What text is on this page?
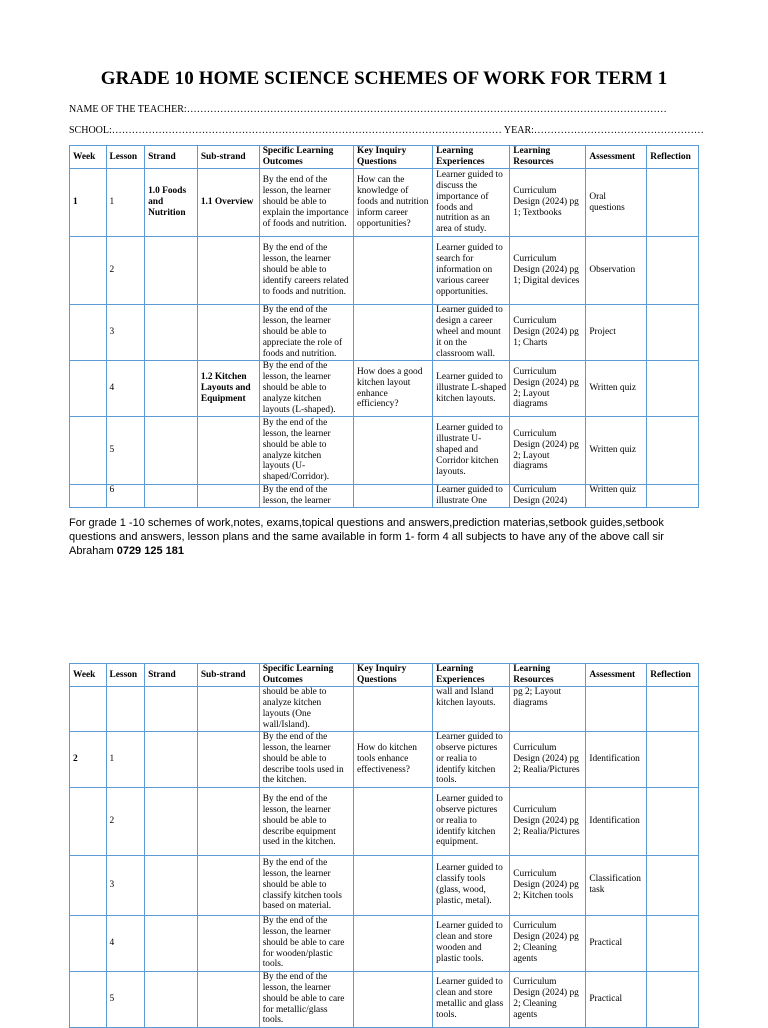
GRADE 10 HOME SCIENCE SCHEMES OF WORK FOR TERM 1
NAME OF THE TEACHER:………………………………………………………………………………………………………………………………
SCHOOL:……………………………………………………………………………………………………… YEAR:……………………………………………
Week	Lesson	Strand	Sub-strand	Specific Learning Outcomes	Key Inquiry Questions	Learning Experiences	Learning Resources	Assessment	Reflection
1	1	1.0 Foods and Nutrition	1.1 Overview	By the end of the lesson, the learner should be able to explain the importance of foods and nutrition.	How can the knowledge of foods and nutrition inform career opportunities?	Learner guided to discuss the importance of foods and nutrition as an area of study.	Curriculum Design (2024) pg 1; Textbooks	Oral questions	
	2			By the end of the lesson, the learner should be able to identify careers related to foods and nutrition.		Learner guided to search for information on various career opportunities.	Curriculum Design (2024) pg 1; Digital devices	Observation	
	3			By the end of the lesson, the learner should be able to appreciate the role of foods and nutrition.		Learner guided to design a career wheel and mount it on the classroom wall.	Curriculum Design (2024) pg 1; Charts	Project	
	4		1.2 Kitchen Layouts and Equipment	By the end of the lesson, the learner should be able to analyze kitchen layouts (L-shaped).	How does a good kitchen layout enhance efficiency?	Learner guided to illustrate L-shaped kitchen layouts.	Curriculum Design (2024) pg 2; Layout diagrams	Written quiz	
	5			By the end of the lesson, the learner should be able to analyze kitchen layouts (U-shaped/Corridor).		Learner guided to illustrate U-shaped and Corridor kitchen layouts.	Curriculum Design (2024) pg 2; Layout diagrams	Written quiz	
	6			By the end of the lesson, the learner		Learner guided to illustrate One	Curriculum Design (2024)	Written quiz	
For grade 1 -10 schemes of work,notes, exams,topical questions and answers,prediction materias,setbook guides,setbook questions and answers, lesson plans and the same available in form 1- form 4 all subjects to have any of the above call sir Abraham 0729 125 181
Week	Lesson	Strand	Sub-strand	Specific Learning Outcomes	Key Inquiry Questions	Learning Experiences	Learning Resources	Assessment	Reflection
				should be able to analyze kitchen layouts (One wall/Island).		wall and Island kitchen layouts.	pg 2; Layout diagrams		
2	1			By the end of the lesson, the learner should be able to describe tools used in the kitchen.	How do kitchen tools enhance effectiveness?	Learner guided to observe pictures or realia to identify kitchen tools.	Curriculum Design (2024) pg 2; Realia/Pictures	Identification	
	2			By the end of the lesson, the learner should be able to describe equipment used in the kitchen.		Learner guided to observe pictures or realia to identify kitchen equipment.	Curriculum Design (2024) pg 2; Realia/Pictures	Identification	
	3			By the end of the lesson, the learner should be able to classify kitchen tools based on material.		Learner guided to classify tools (glass, wood, plastic, metal).	Curriculum Design (2024) pg 2; Kitchen tools	Classification task	
	4			By the end of the lesson, the learner should be able to care for wooden/plastic tools.		Learner guided to clean and store wooden and plastic tools.	Curriculum Design (2024) pg 2; Cleaning agents	Practical	
	5			By the end of the lesson, the learner should be able to care for metallic/glass tools.		Learner guided to clean and store metallic and glass tools.	Curriculum Design (2024) pg 2; Cleaning agents	Practical	
